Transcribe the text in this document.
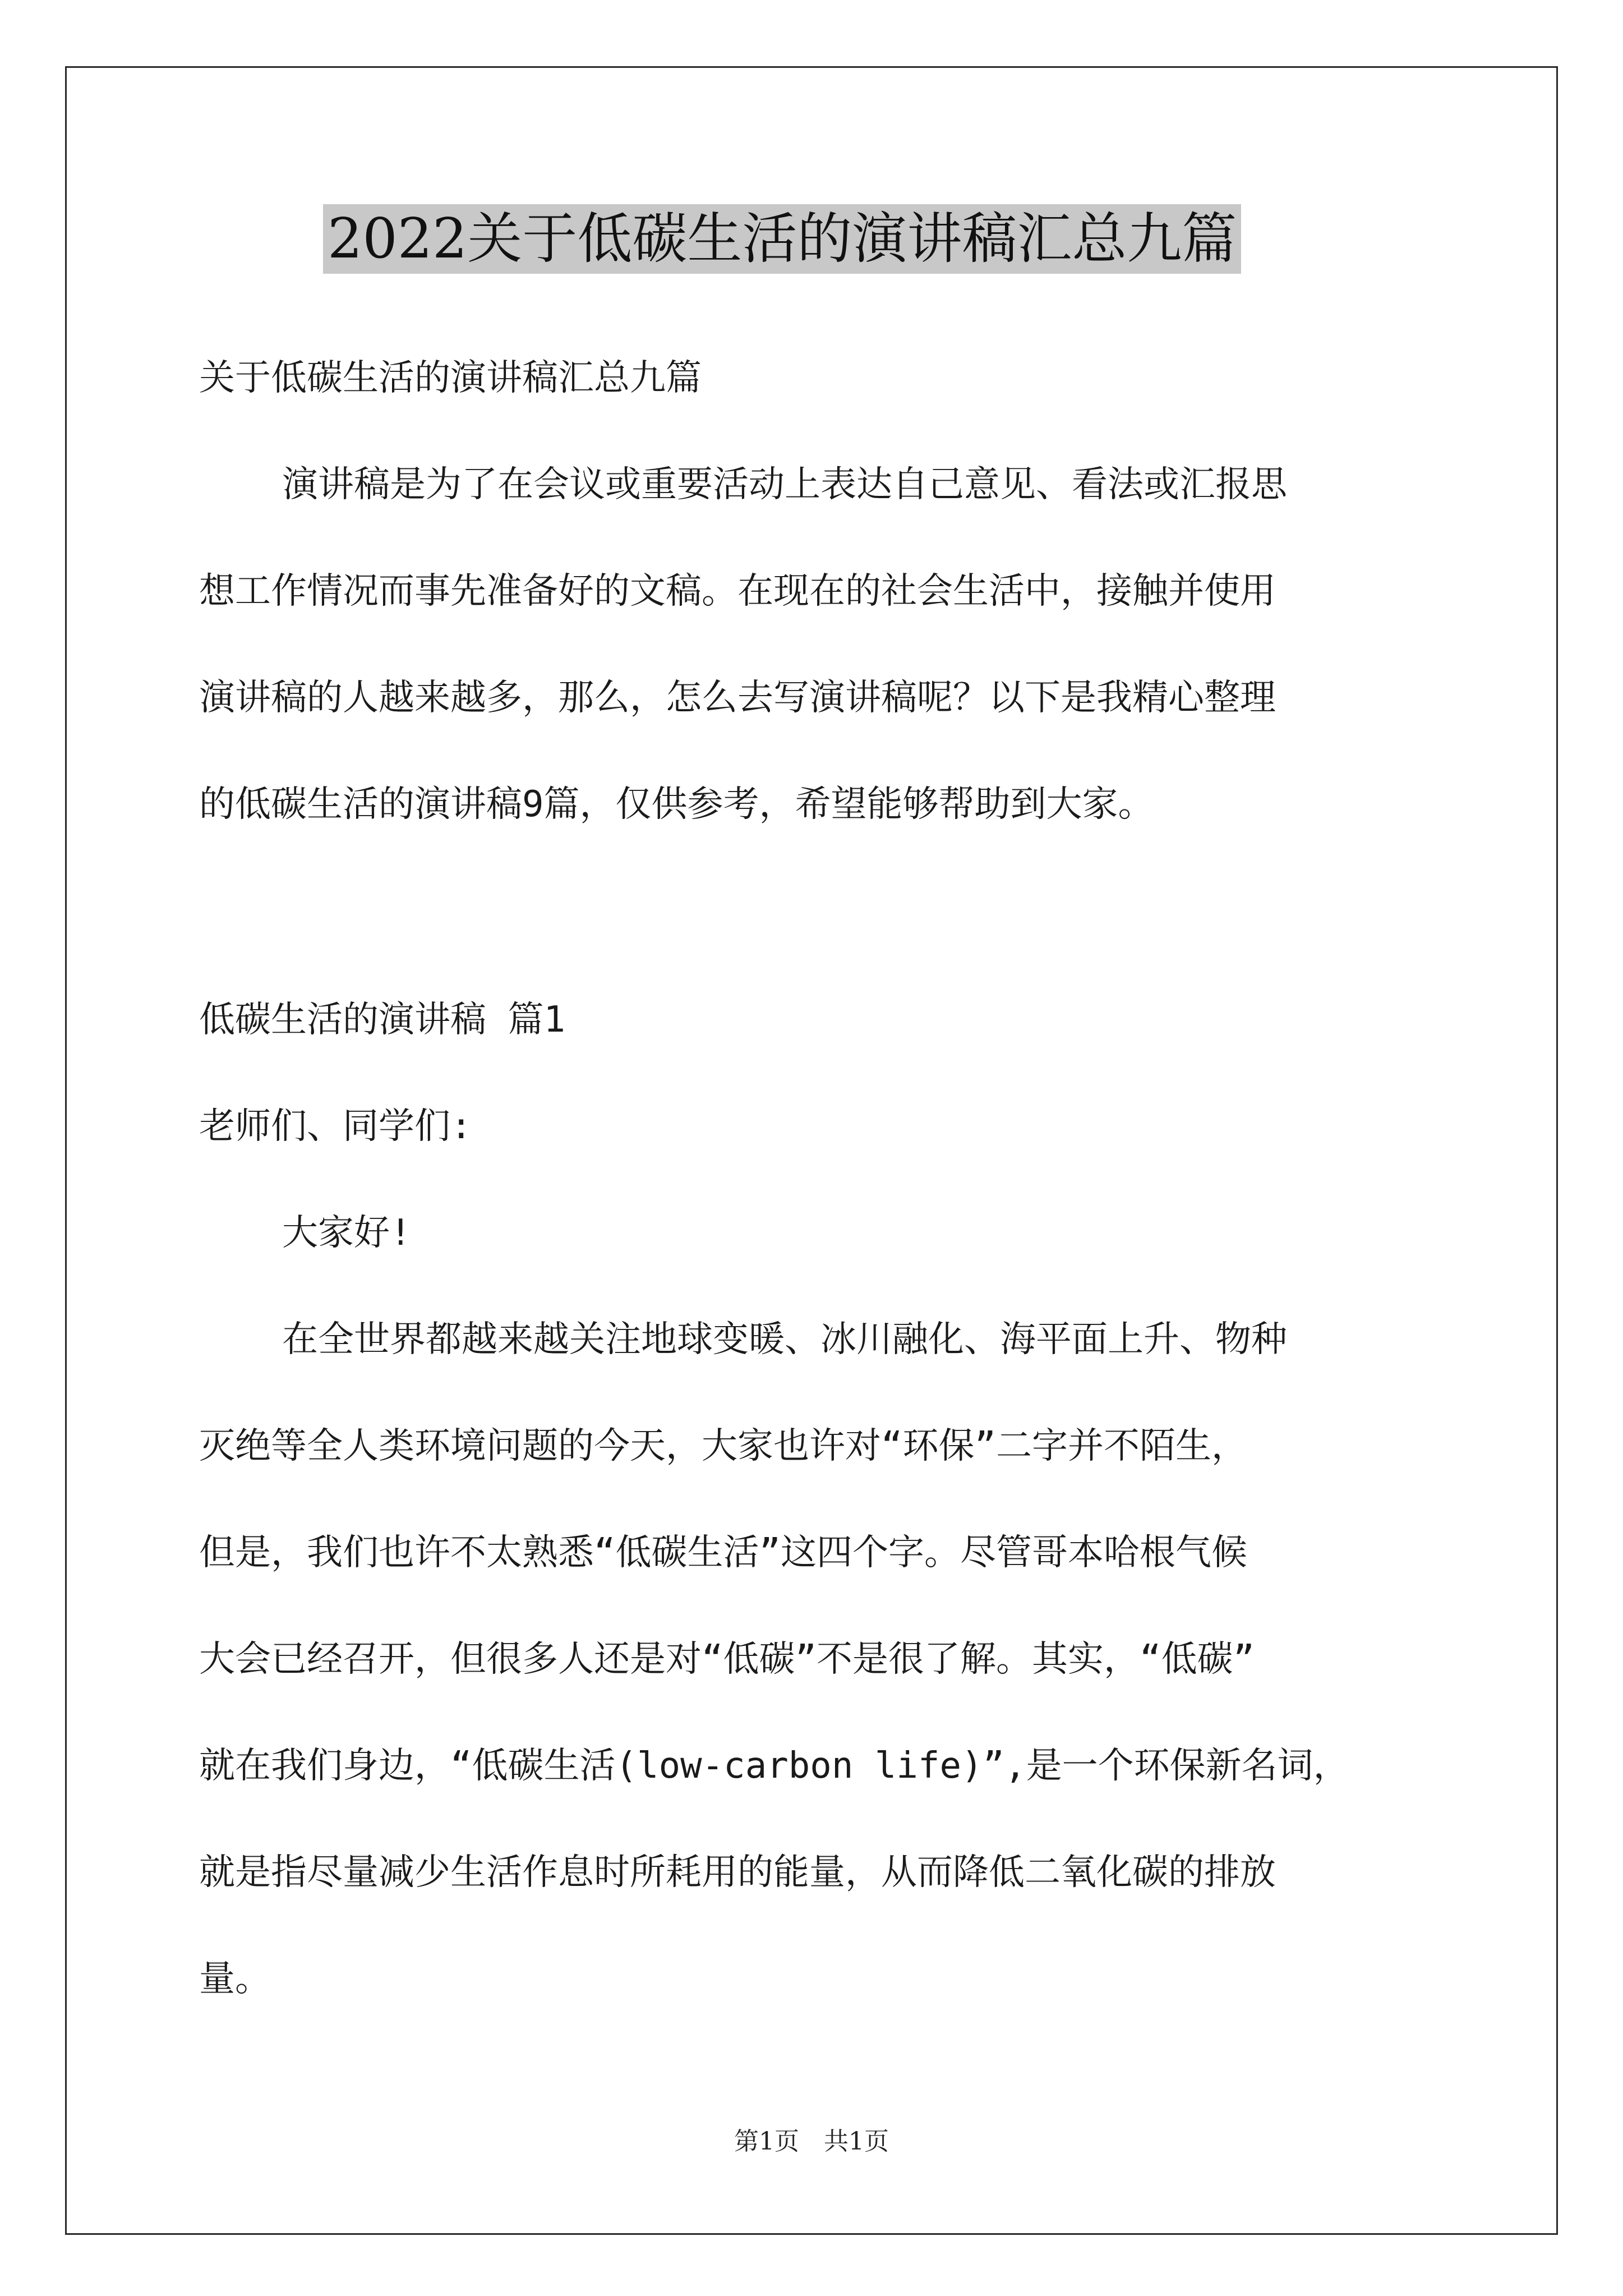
2022关于低碳生活的演讲稿汇总九篇
关于低碳生活的演讲稿汇总九篇
演讲稿是为了在会议或重要活动上表达自己意见、看法或汇报思
想工作情况而事先准备好的文稿。在现在的社会生活中，接触并使用
演讲稿的人越来越多，那么，怎么去写演讲稿呢？以下是我精心整理
的低碳生活的演讲稿9篇，仅供参考，希望能够帮助到大家。
低碳生活的演讲稿 篇1
老师们、同学们:
大家好!
在全世界都越来越关注地球变暖、冰川融化、海平面上升、物种
灭绝等全人类环境问题的今天，大家也许对“环保”二字并不陌生，
但是，我们也许不太熟悉“低碳生活”这四个字。尽管哥本哈根气候
大会已经召开，但很多人还是对“低碳”不是很了解。其实，“低碳”
就在我们身边，“低碳生活(low-carbon life)”,是一个环保新名词，
就是指尽量减少生活作息时所耗用的能量，从而降低二氧化碳的排放
量。
第1页 共1页
